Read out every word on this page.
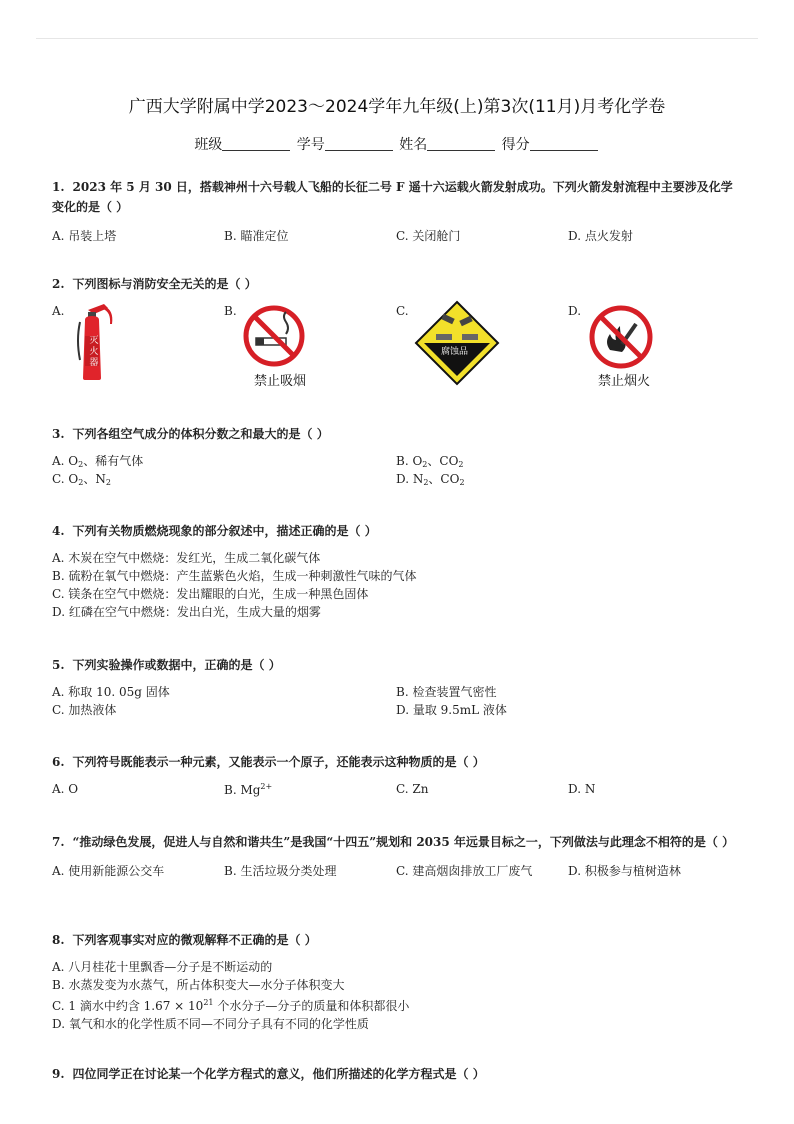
广西大学附属中学2023～2024学年九年级(上)第3次(11月)月考化学卷
班级	学号	姓名	得分
1. 2023 年 5 月 30 日，搭载神州十六号载人飞船的长征二号 F 遥十六运载火箭发射成功。下列火箭发射流程中主要涉及化学变化的是（ ）
A. 吊装上塔	B. 瞄准定位	C. 关闭舱门	D. 点火发射
2. 下列图标与消防安全无关的是（ ）
A.
灭火器
B.
禁止吸烟
C.
腐蚀品
D.
禁止烟火
3. 下列各组空气成分的体积分数之和最大的是（ ）
A. $O_2$、稀有气体	B. $O_2$、$CO_2$
C. $O_2$、$N_2$	D. $N_2$、$CO_2$
4. 下列有关物质燃烧现象的部分叙述中，描述正确的是（ ）
A. 木炭在空气中燃烧：发红光，生成二氧化碳气体
B. 硫粉在氧气中燃烧：产生蓝紫色火焰，生成一种刺激性气味的气体
C. 镁条在空气中燃烧：发出耀眼的白光，生成一种黑色固体
D. 红磷在空气中燃烧：发出白光，生成大量的烟雾
5. 下列实验操作或数据中，正确的是（ ）
A. 称取 10. 05g 固体	B. 检查装置气密性
C. 加热液体	D. 量取 9.5mL 液体
6. 下列符号既能表示一种元素，又能表示一个原子，还能表示这种物质的是（ ）
A. O	B. $Mg^{2+}$	C. Zn	D. N
7. “推动绿色发展，促进人与自然和谐共生”是我国“十四五”规划和 2035 年远景目标之一，下列做法与此理念不相符的是（ ）
A. 使用新能源公交车	B. 生活垃圾分类处理	C. 建高烟囱排放工厂废气	D. 积极参与植树造林
8. 下列客观事实对应的微观解释不正确的是（ ）
A. 八月桂花十里飘香—分子是不断运动的
B. 水蒸发变为水蒸气，所占体积变大—水分子体积变大
C. 1 滴水中约含 $1.67 \times 10^{21}$ 个水分子—分子的质量和体积都很小
D. 氧气和水的化学性质不同—不同分子具有不同的化学性质
9. 四位同学正在讨论某一个化学方程式的意义，他们所描述的化学方程式是（ ）
